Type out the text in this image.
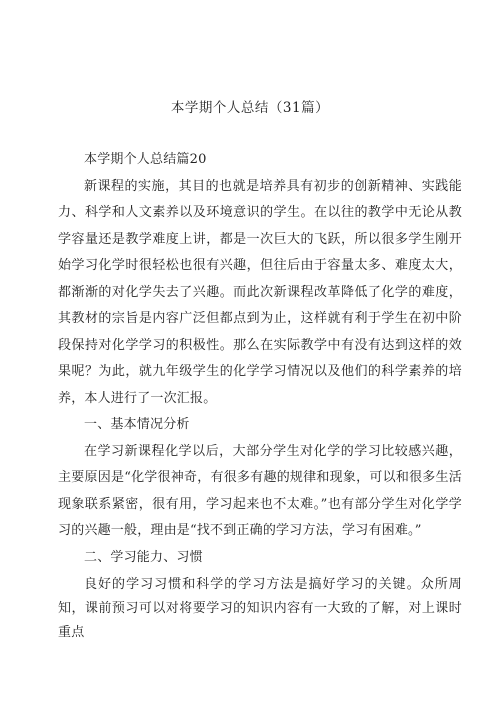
本学期个人总结（31篇）

本学期个人总结篇20

新课程的实施，其目的也就是培养具有初步的创新精神、实践能力、科学和人文素养以及环境意识的学生。在以往的教学中无论从教学容量还是教学难度上讲，都是一次巨大的飞跃，所以很多学生刚开始学习化学时很轻松也很有兴趣，但往后由于容量太多、难度太大，都渐渐的对化学失去了兴趣。而此次新课程改革降低了化学的难度，其教材的宗旨是内容广泛但都点到为止，这样就有利于学生在初中阶段保持对化学学习的积极性。那么在实际教学中有没有达到这样的效果呢？为此，就九年级学生的化学学习情况以及他们的科学素养的培养，本人进行了一次汇报。

一、基本情况分析

在学习新课程化学以后，大部分学生对化学的学习比较感兴趣，主要原因是“化学很神奇，有很多有趣的规律和现象，可以和很多生活现象联系紧密，很有用，学习起来也不太难。”也有部分学生对化学学习的兴趣一般，理由是“找不到正确的学习方法，学习有困难。”

二、学习能力、习惯

良好的学习习惯和科学的学习方法是搞好学习的关键。众所周知，课前预习可以对将要学习的知识内容有一大致的了解，对上课时重点
